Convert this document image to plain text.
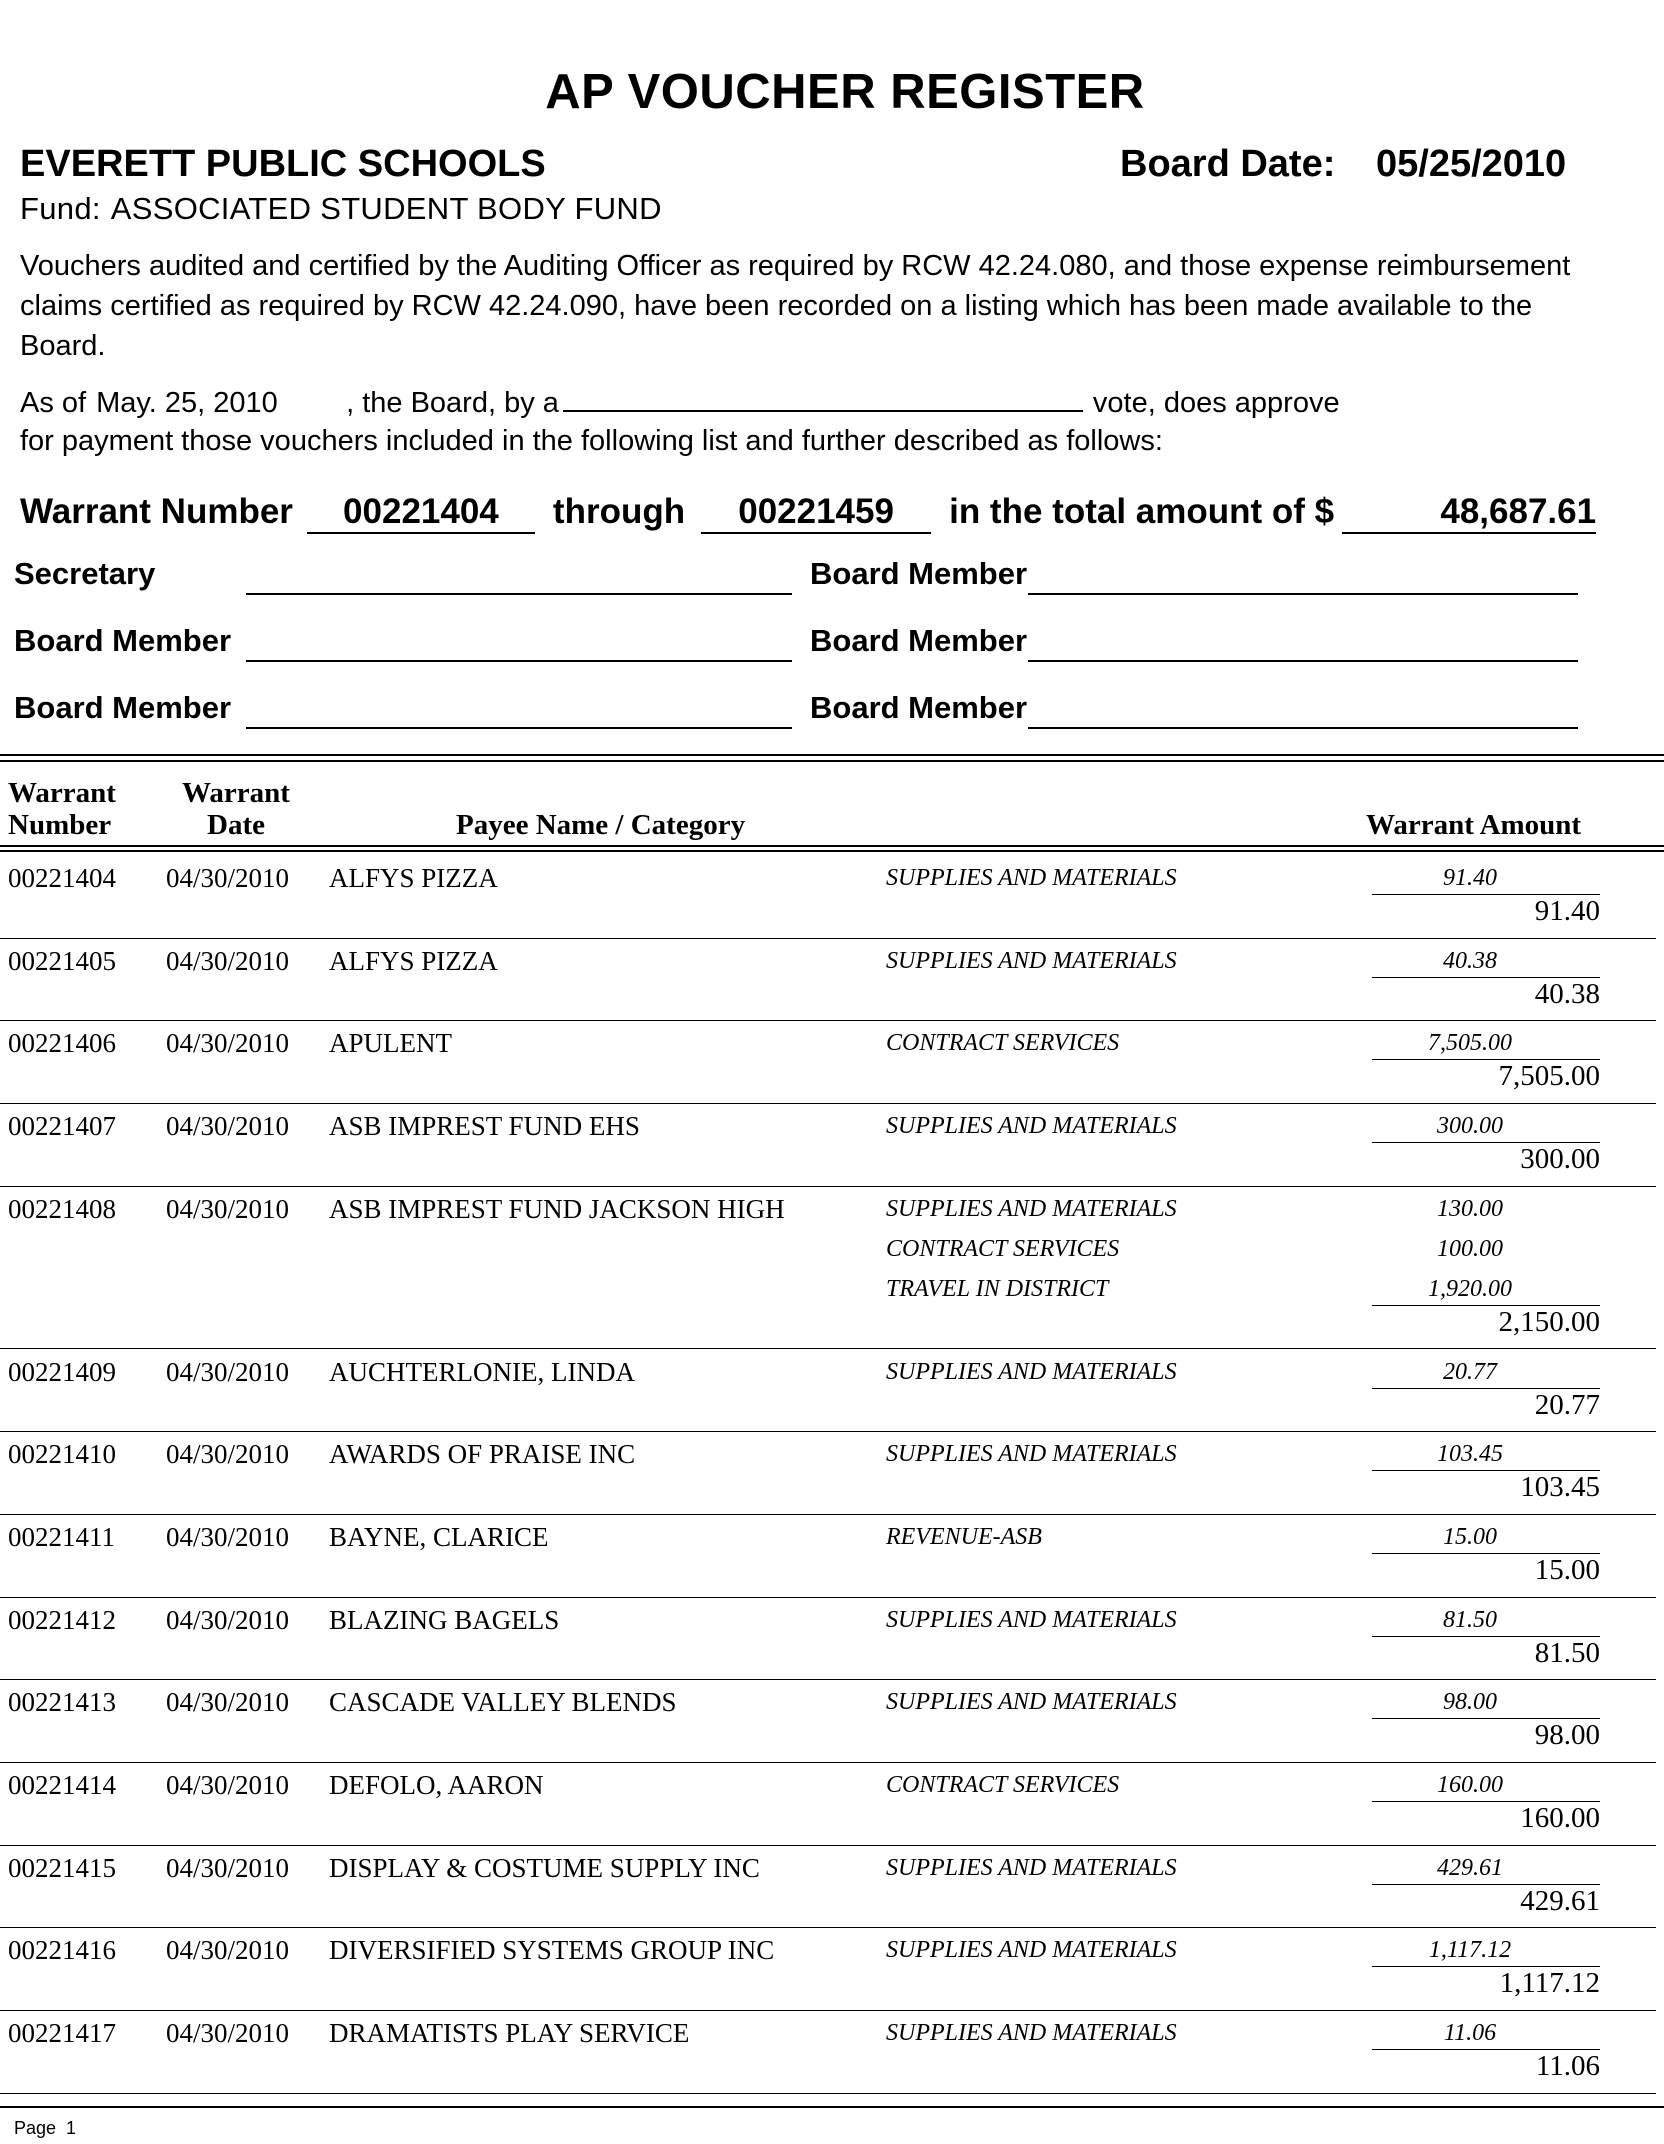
AP VOUCHER REGISTER
EVERETT PUBLIC SCHOOLS	Board Date: 05/25/2010
Fund: ASSOCIATED STUDENT BODY FUND
Vouchers audited and certified by the Auditing Officer as required by RCW 42.24.080, and those expense reimbursement claims certified as required by RCW 42.24.090, have been recorded on a listing which has been made available to the Board.
As of May. 25, 2010 , the Board, by a	vote, does approve
for payment those vouchers included in the following list and further described as follows:
Warrant Number 00221404 through 00221459 in the total amount of $	48,687.61
Secretary	Board Member
Board Member	Board Member
Board Member	Board Member
Warrant
Number
Warrant
Date	Payee Name / Category	Warrant Amount
00221404 04/30/2010 ALFYS PIZZA	SUPPLIES AND MATERIALS	91.40
91.40
00221405 04/30/2010 ALFYS PIZZA	SUPPLIES AND MATERIALS	40.38
40.38
00221406 04/30/2010 APULENT	CONTRACT SERVICES	7,505.00
7,505.00
00221407 04/30/2010 ASB IMPREST FUND EHS	SUPPLIES AND MATERIALS	300.00
300.00
00221408 04/30/2010 ASB IMPREST FUND JACKSON HIGH	SUPPLIES AND MATERIALS	130.00
CONTRACT SERVICES	100.00
TRAVEL IN DISTRICT	1,920.00
2,150.00
00221409 04/30/2010 AUCHTERLONIE, LINDA	SUPPLIES AND MATERIALS	20.77
20.77
00221410 04/30/2010 AWARDS OF PRAISE INC	SUPPLIES AND MATERIALS	103.45
103.45
00221411 04/30/2010 BAYNE, CLARICE	REVENUE-ASB	15.00
15.00
00221412 04/30/2010 BLAZING BAGELS	SUPPLIES AND MATERIALS	81.50
81.50
00221413 04/30/2010 CASCADE VALLEY BLENDS	SUPPLIES AND MATERIALS	98.00
98.00
00221414 04/30/2010 DEFOLO, AARON	CONTRACT SERVICES	160.00
160.00
00221415 04/30/2010 DISPLAY & COSTUME SUPPLY INC	SUPPLIES AND MATERIALS	429.61
429.61
00221416 04/30/2010 DIVERSIFIED SYSTEMS GROUP INC	SUPPLIES AND MATERIALS	1,117.12
1,117.12
00221417 04/30/2010 DRAMATISTS PLAY SERVICE	SUPPLIES AND MATERIALS	11.06
11.06
Page 1
